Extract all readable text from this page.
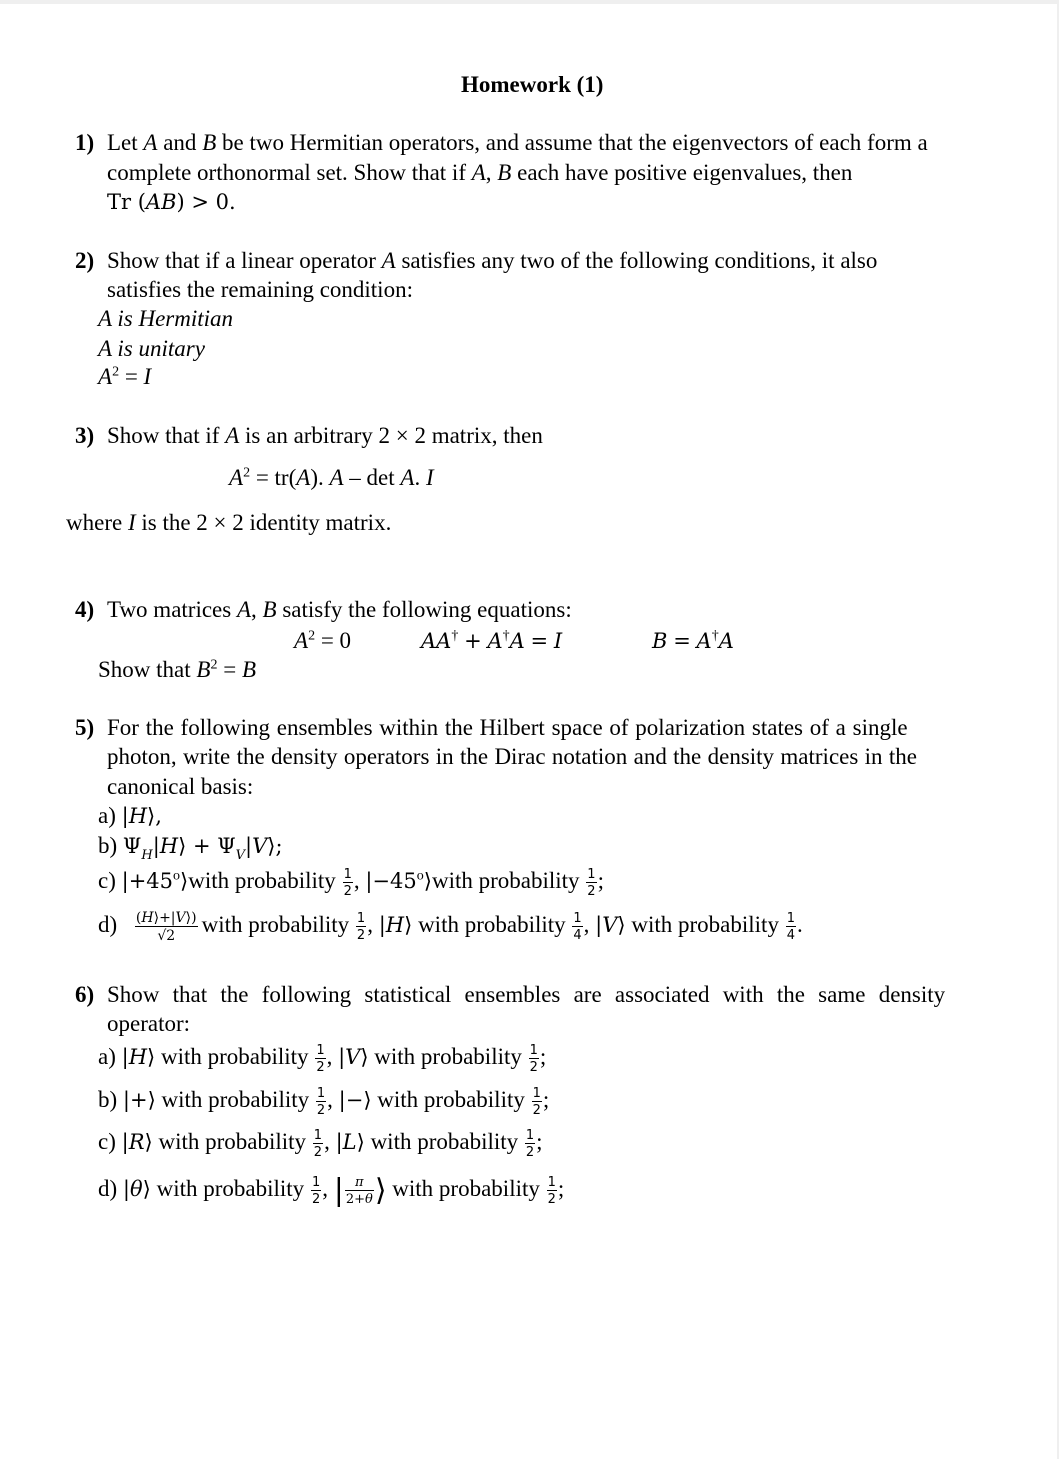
Homework (1)
1) Let A and B be two Hermitian operators, and assume that the eigenvectors of each form a
complete orthonormal set. Show that if A, B each have positive eigenvalues, then
Tr (AB) > 0.
2) Show that if a linear operator A satisfies any two of the following conditions, it also
satisfies the remaining condition:
A is Hermitian
A is unitary
$A^2 = I$
3) Show that if A is an arbitrary 2 × 2 matrix, then
$A^2 = tr(A)$. A – det A. I
where I is the 2 × 2 identity matrix.
4) Two matrices A, B satisfy the following equations:
$A^2 = 0$	AA† + A†A = I	B = A†A
Show that $B^2 = B$
5) For the following ensembles within the Hilbert space of polarization states of a single
photon, write the density operators in the Dirac notation and the density matrices in the
canonical basis:
a) |H⟩,
b) $\Psi_H|H⟩$ + $\Psi_V|V⟩$;
c) $|+45^o⟩with$ probability $\frac{1}{2}$ , $|-45^o⟩with$ probability $\frac{1}{2}$ ;
$d) \frac{(H⟩+|V⟩)}{√2}$ with probability $\frac{1}{2}$ , |H⟩ with probability $\frac{1}{4}$ , |V⟩ with probability $\frac{1}{4}$ .
6) Show that the following statistical ensembles are associated with the same density
operator:
a) |H⟩ with probability $\frac{1}{2}$ , |V⟩ with probability $\frac{1}{2}$ ;
b) |+⟩ with probability $\frac{1}{2}$ , |−⟩ with probability $\frac{1}{2}$ ;
c) |R⟩ with probability $\frac{1}{2}$ , |L⟩ with probability $\frac{1}{2}$ ;
d) |θ⟩ with probability $\frac{1}{2}$ , | $\frac{\pi}{2+\theta}$ ⟩ with probability $\frac{1}{2}$ ;
